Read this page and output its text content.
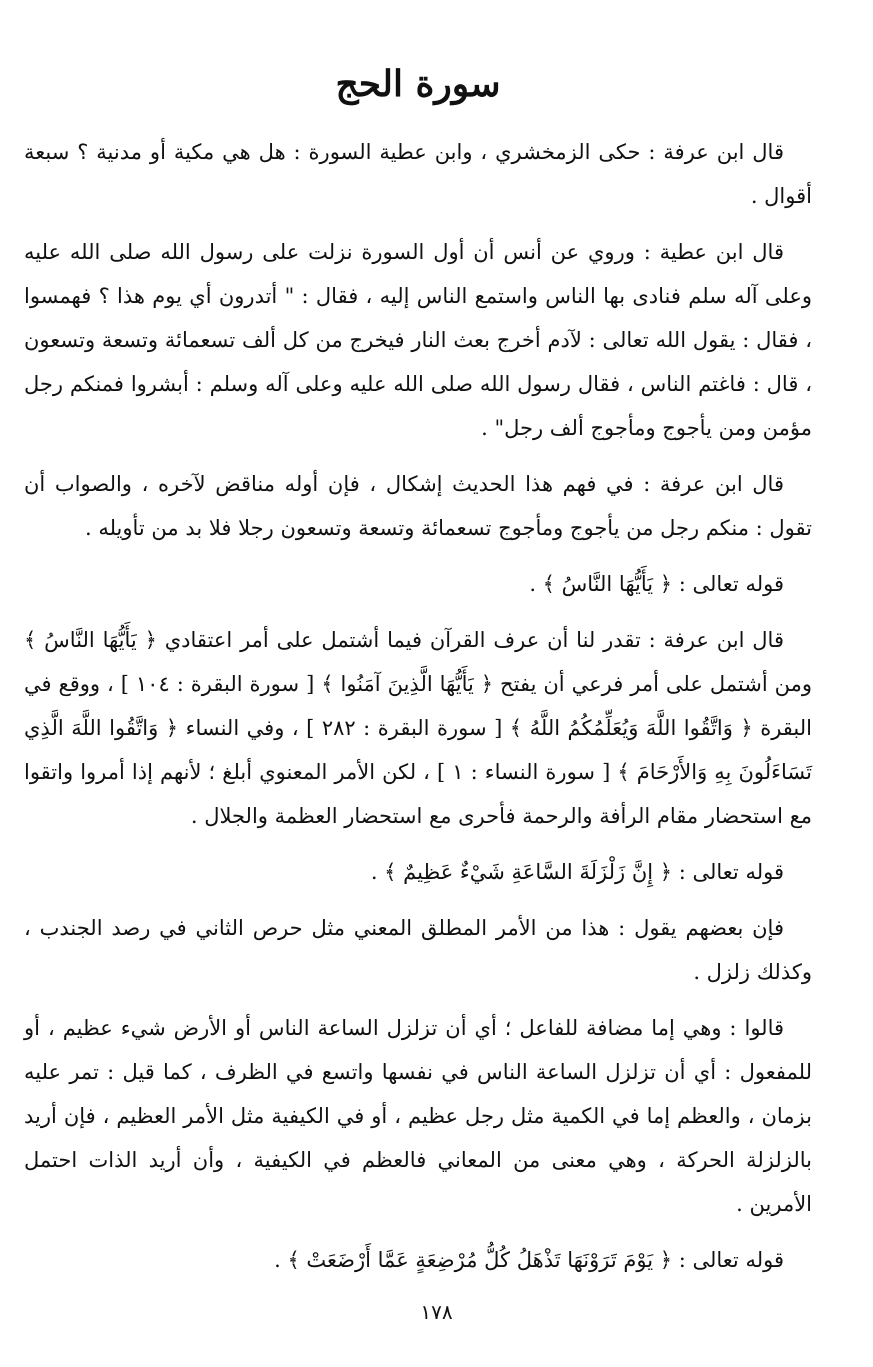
سورة الحج

قال ابن عرفة : حكى الزمخشري ، وابن عطية السورة : هل هي مكية أو مدنية ؟ سبعة أقوال .

قال ابن عطية : وروي عن أنس أن أول السورة نزلت على رسول الله صلى الله عليه وعلى آله سلم فنادى بها الناس واستمع الناس إليه ، فقال : " أتدرون أي يوم هذا ؟ فهمسوا ، فقال : يقول الله تعالى : لآدم أخرج بعث النار فيخرج من كل ألف تسعمائة وتسعة وتسعون ، قال : فاغتم الناس ، فقال رسول الله صلى الله عليه وعلى آله وسلم : أبشروا فمنكم رجل مؤمن ومن يأجوج ومأجوج ألف رجل" .

قال ابن عرفة : في فهم هذا الحديث إشكال ، فإن أوله مناقض لآخره ، والصواب أن تقول : منكم رجل من يأجوج ومأجوج تسعمائة وتسعة وتسعون رجلا فلا بد من تأويله .

قوله تعالى : ﴿ يَأَيُّهَا النَّاسُ ﴾ .

قال ابن عرفة : تقدر لنا أن عرف القرآن فيما أشتمل على أمر اعتقادي ﴿ يَأَيُّهَا النَّاسُ ﴾ ومن أشتمل على أمر فرعي أن يفتح ﴿ يَأَيُّهَا الَّذِينَ آمَنُوا ﴾ [ سورة البقرة : ١٠٤ ] ، ووقع في البقرة ﴿ وَاتَّقُوا اللَّهَ وَيُعَلِّمُكُمُ اللَّهُ ﴾ [ سورة البقرة : ٢٨٢ ] ، وفي النساء ﴿ وَاتَّقُوا اللَّهَ الَّذِي تَسَاءَلُونَ بِهِ وَالأَرْحَامَ ﴾ [ سورة النساء : ١ ] ، لكن الأمر المعنوي أبلغ ؛ لأنهم إذا أمروا واتقوا مع استحضار مقام الرأفة والرحمة فأحرى مع استحضار العظمة والجلال .

قوله تعالى : ﴿ إِنَّ زَلْزَلَةَ السَّاعَةِ شَيْءٌ عَظِيمٌ ﴾ .

فإن بعضهم يقول : هذا من الأمر المطلق المعني مثل حرص الثاني في رصد الجندب ، وكذلك زلزل .

قالوا : وهي إما مضافة للفاعل ؛ أي أن تزلزل الساعة الناس أو الأرض شيء عظيم ، أو للمفعول : أي أن تزلزل الساعة الناس في نفسها واتسع في الظرف ، كما قيل : تمر عليه بزمان ، والعظم إما في الكمية مثل رجل عظيم ، أو في الكيفية مثل الأمر العظيم ، فإن أريد بالزلزلة الحركة ، وهي معنى من المعاني فالعظم في الكيفية ، وأن أريد الذات احتمل الأمرين .

قوله تعالى : ﴿ يَوْمَ تَرَوْنَهَا تَذْهَلُ كُلُّ مُرْضِعَةٍ عَمَّا أَرْضَعَتْ ﴾ .

١٧٨
